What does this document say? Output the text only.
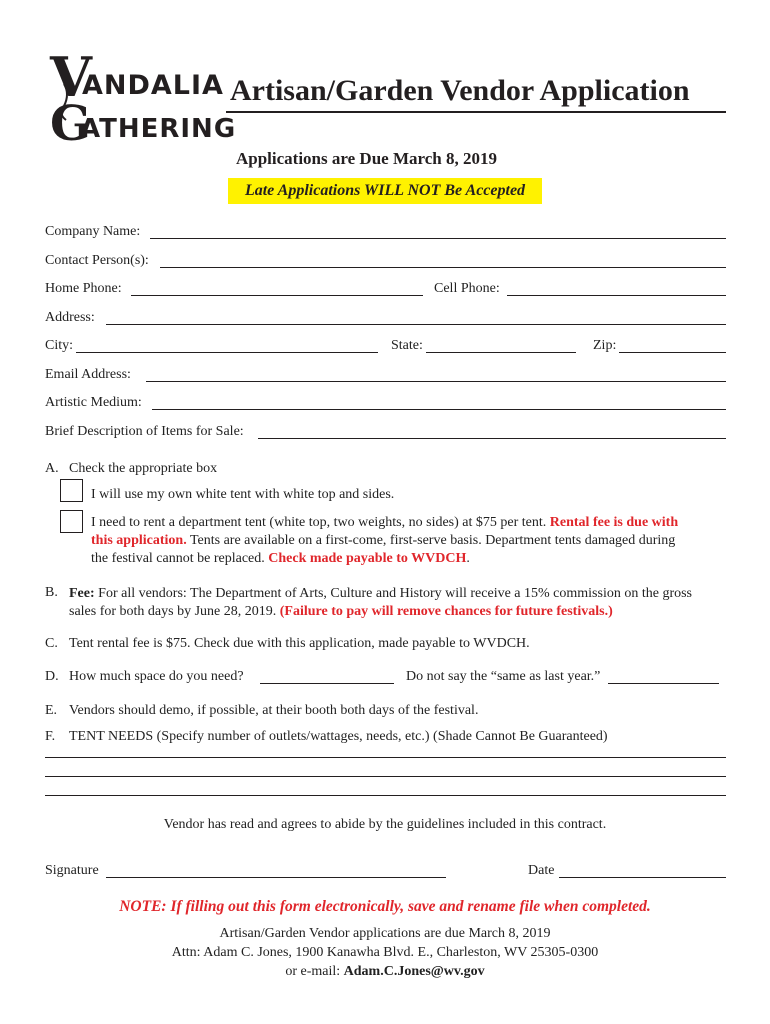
V
ANDALIA
G
ATHERING
Artisan/Garden Vendor Application
Applications are Due March 8, 2019
Late Applications WILL NOT Be Accepted
Company Name:
Contact Person(s):
Home Phone:	Cell Phone:
Address:
City:	State:	Zip:
Email Address:
Artistic Medium:
Brief Description of Items for Sale:
A. Check the appropriate box
I will use my own white tent with white top and sides.
I need to rent a department tent (white top, two weights, no sides) at $75 per tent. Rental fee is due with this application. Tents are available on a first-come, first-serve basis. Department tents damaged during the festival cannot be replaced. Check made payable to WVDCH.
B. Fee: For all vendors: The Department of Arts, Culture and History will receive a 15% commission on the gross sales for both days by June 28, 2019. (Failure to pay will remove chances for future festivals.)
C. Tent rental fee is $75. Check due with this application, made payable to WVDCH.
D. How much space do you need?	Do not say the “same as last year.”
E. Vendors should demo, if possible, at their booth both days of the festival.
F. TENT NEEDS (Specify number of outlets/wattages, needs, etc.) (Shade Cannot Be Guaranteed)
Vendor has read and agrees to abide by the guidelines included in this contract.
Signature	Date
NOTE: If filling out this form electronically, save and rename file when completed.
Artisan/Garden Vendor applications are due March 8, 2019
Attn: Adam C. Jones, 1900 Kanawha Blvd. E., Charleston, WV 25305-0300
or e-mail: Adam.C.Jones@wv.gov
